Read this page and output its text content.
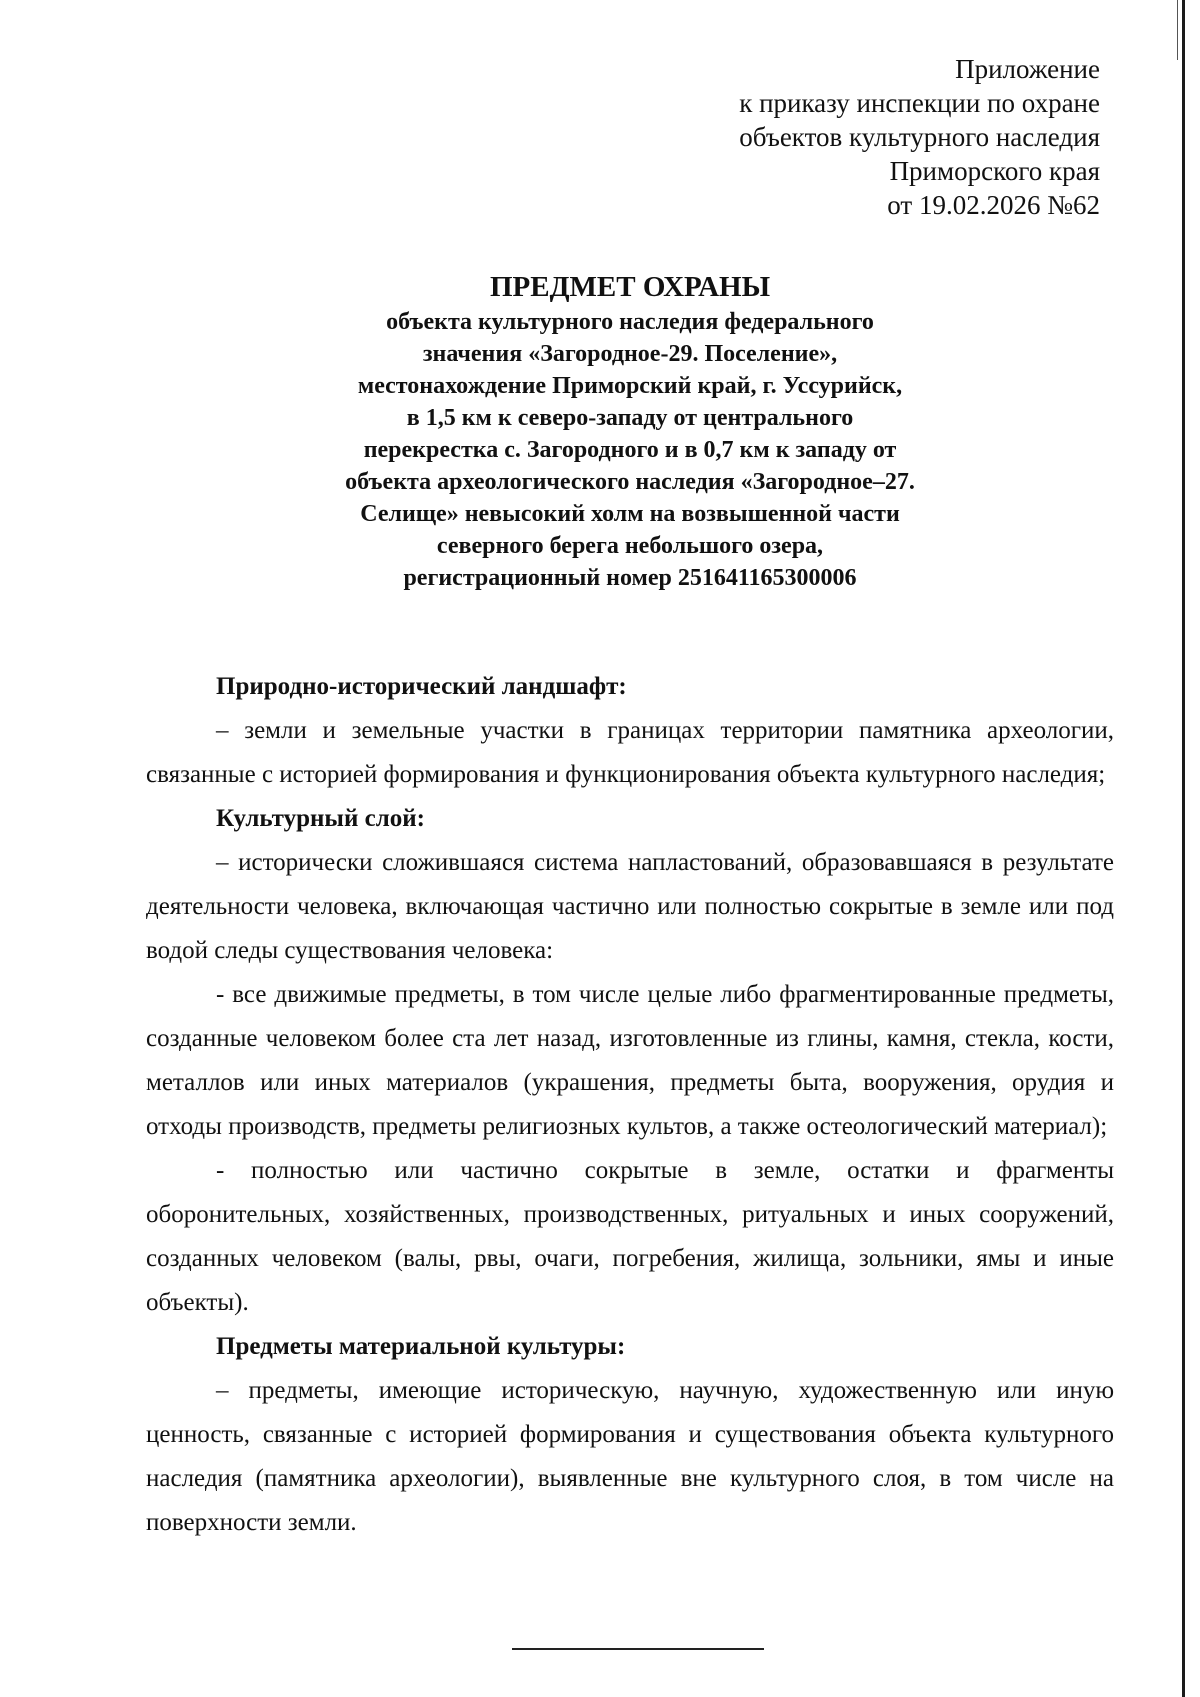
Приложение
к приказу инспекции по охране
объектов культурного наследия
Приморского края
от 19.02.2026 №62
ПРЕДМЕТ ОХРАНЫ
объекта культурного наследия федерального
значения «Загородное-29. Поселение»,
местонахождение Приморский край, г. Уссурийск,
в 1,5 км к северо-западу от центрального
перекрестка с. Загородного и в 0,7 км к западу от
объекта археологического наследия «Загородное–27.
Селище» невысокий холм на возвышенной части
северного берега небольшого озера,
регистрационный номер 251641165300006

Природно-исторический ландшафт:

– земли и земельные участки в границах территории памятника археологии, связанные с историей формирования и функционирования объекта культурного наследия;

Культурный слой:

– исторически сложившаяся система напластований, образовавшаяся в результате деятельности человека, включающая частично или полностью сокрытые в земле или под водой следы существования человека:

- все движимые предметы, в том числе целые либо фрагментированные предметы, созданные человеком более ста лет назад, изготовленные из глины, камня, стекла, кости, металлов или иных материалов (украшения, предметы быта, вооружения, орудия и отходы производств, предметы религиозных культов, а также остеологический материал);

- полностью или частично сокрытые в земле, остатки и фрагменты оборонительных, хозяйственных, производственных, ритуальных и иных сооружений, созданных человеком (валы, рвы, очаги, погребения, жилища, зольники, ямы и иные объекты).

Предметы материальной культуры:

– предметы, имеющие историческую, научную, художественную или иную ценность, связанные с историей формирования и существования объекта культурного наследия (памятника археологии), выявленные вне культурного слоя, в том числе на поверхности земли.
